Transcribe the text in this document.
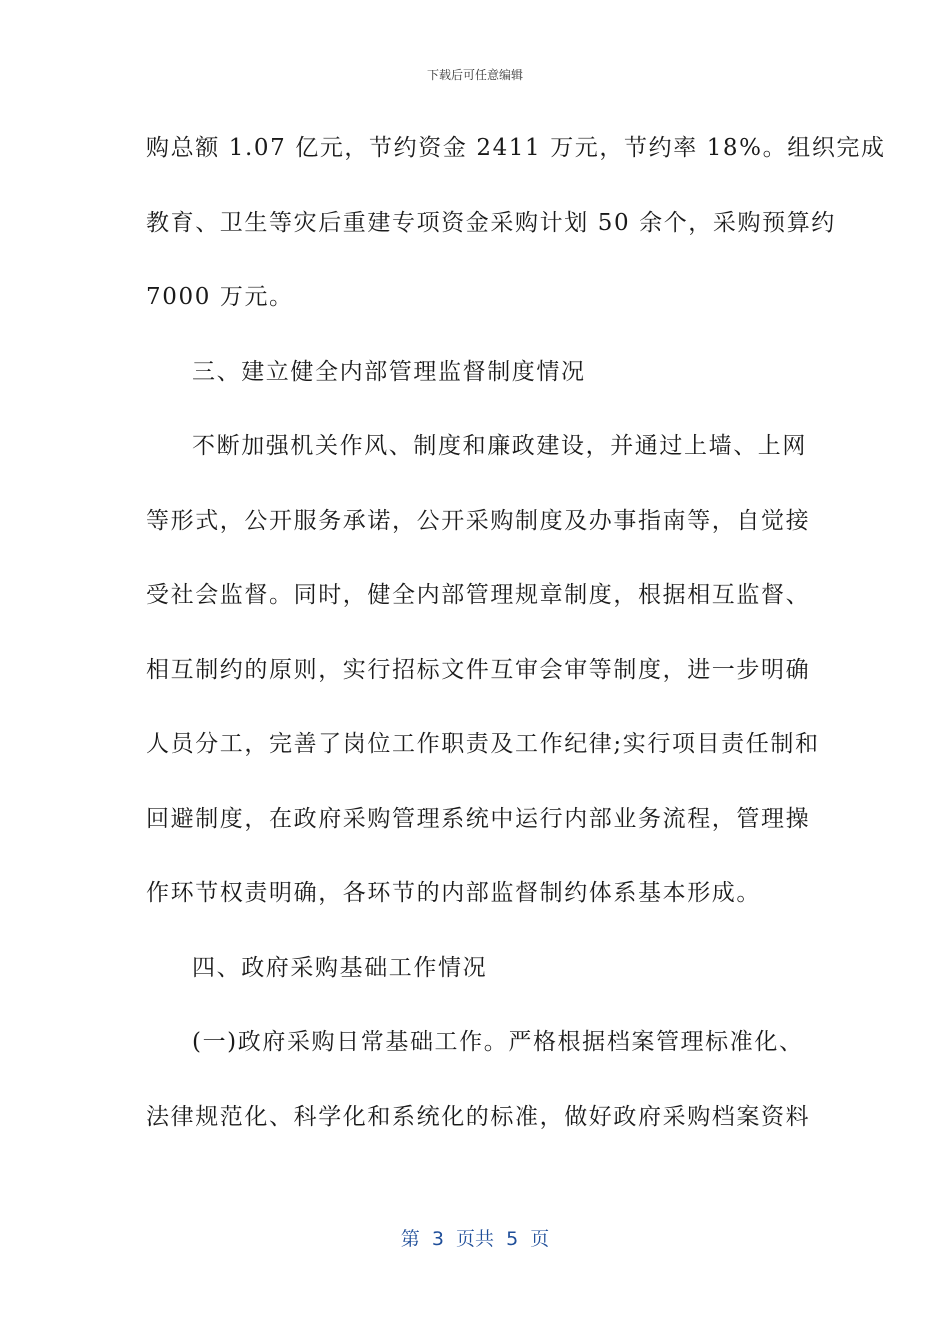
下载后可任意编辑
购总额 1.07 亿元，节约资金 2411 万元，节约率 18%。组织完成
教育、卫生等灾后重建专项资金采购计划 50 余个，采购预算约
7000 万元。
三、建立健全内部管理监督制度情况
不断加强机关作风、制度和廉政建设，并通过上墙、上网
等形式，公开服务承诺，公开采购制度及办事指南等，自觉接
受社会监督。同时，健全内部管理规章制度，根据相互监督、
相互制约的原则，实行招标文件互审会审等制度，进一步明确
人员分工，完善了岗位工作职责及工作纪律;实行项目责任制和
回避制度，在政府采购管理系统中运行内部业务流程，管理操
作环节权责明确，各环节的内部监督制约体系基本形成。
四、政府采购基础工作情况
(一)政府采购日常基础工作。严格根据档案管理标准化、
法律规范化、科学化和系统化的标准，做好政府采购档案资料
第  3  页共  5  页
